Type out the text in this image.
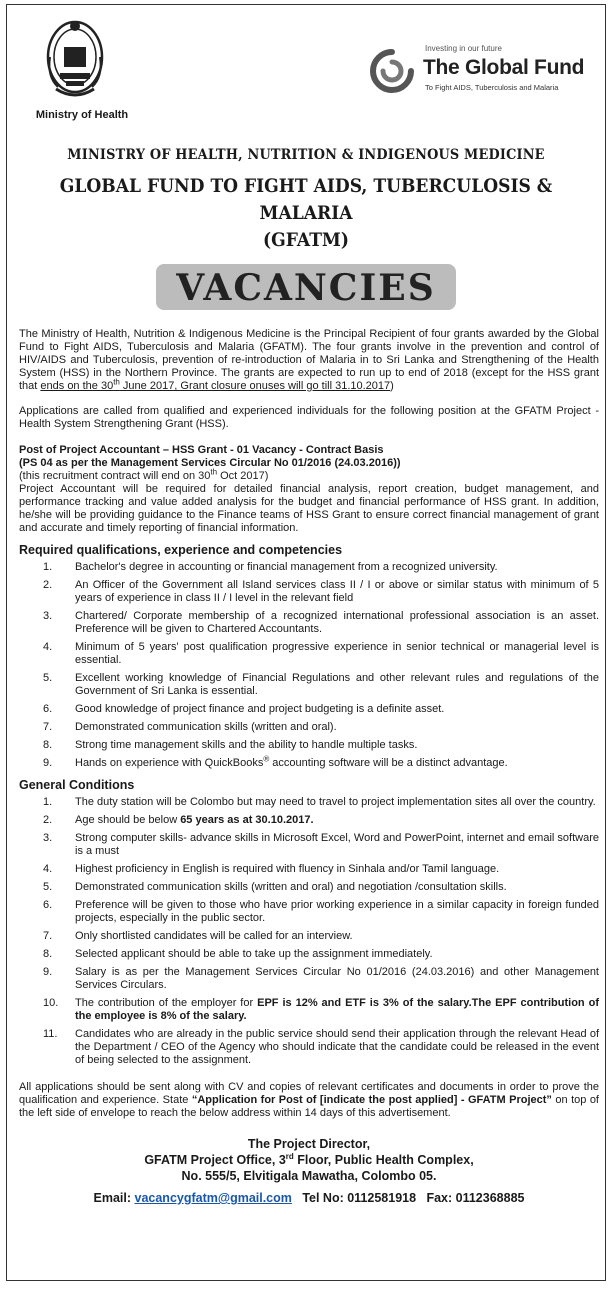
Ministry of Health
Investing in our future
The Global Fund
To Fight AIDS, Tuberculosis and Malaria
MINISTRY OF HEALTH, NUTRITION & INDIGENOUS MEDICINE
GLOBAL FUND TO FIGHT AIDS, TUBERCULOSIS & MALARIA
(GFATM)
VACANCIES

The Ministry of Health, Nutrition & Indigenous Medicine is the Principal Recipient of four grants awarded by the Global Fund to Fight AIDS, Tuberculosis and Malaria (GFATM). The four grants involve in the prevention and control of HIV/AIDS and Tuberculosis, prevention of re-introduction of Malaria in to Sri Lanka and Strengthening of the Health System (HSS) in the Northern Province. The grants are expected to run up to end of 2018 (except for the HSS grant that ends on the 30th June 2017, Grant closure onuses will go till 31.10.2017)

Applications are called from qualified and experienced individuals for the following position at the GFATM Project - Health System Strengthening Grant (HSS).

Post of Project Accountant – HSS Grant - 01 Vacancy - Contract Basis
(PS 04 as per the Management Services Circular No 01/2016 (24.03.2016))
(this recruitment contract will end on 30th Oct 2017)

Project Accountant will be required for detailed financial analysis, report creation, budget management, and performance tracking and value added analysis for the budget and financial performance of HSS grant. In addition, he/she will be providing guidance to the Finance teams of HSS Grant to ensure correct financial management of grant and accurate and timely reporting of financial information.

Required qualifications, experience and competencies
1.	Bachelor's degree in accounting or financial management from a recognized university.
2.	An Officer of the Government all Island services class II / I or above or similar status with minimum of 5 years of experience in class II / I level in the relevant field
3.	Chartered/ Corporate membership of a recognized international professional association is an asset. Preference will be given to Chartered Accountants.
4.	Minimum of 5 years' post qualification progressive experience in senior technical or managerial level is essential.
5.	Excellent working knowledge of Financial Regulations and other relevant rules and regulations of the Government of Sri Lanka is essential.
6.	Good knowledge of project finance and project budgeting is a definite asset.
7.	Demonstrated communication skills (written and oral).
8.	Strong time management skills and the ability to handle multiple tasks.
9.	Hands on experience with QuickBooks® accounting software will be a distinct advantage.
General Conditions
1.	The duty station will be Colombo but may need to travel to project implementation sites all over the country.
2.	Age should be below 65 years as at 30.10.2017.
3.	Strong computer skills- advance skills in Microsoft Excel, Word and PowerPoint, internet and email software is a must
4.	Highest proficiency in English is required with fluency in Sinhala and/or Tamil language.
5.	Demonstrated communication skills (written and oral) and negotiation /consultation skills.
6.	Preference will be given to those who have prior working experience in a similar capacity in foreign funded projects, especially in the public sector.
7.	Only shortlisted candidates will be called for an interview.
8.	Selected applicant should be able to take up the assignment immediately.
9.	Salary is as per the Management Services Circular No 01/2016 (24.03.2016) and other Management Services Circulars.
10.	The contribution of the employer for EPF is 12% and ETF is 3% of the salary.The EPF contribution of the employee is 8% of the salary.
11.	Candidates who are already in the public service should send their application through the relevant Head of the Department / CEO of the Agency who should indicate that the candidate could be released in the event of being selected to the assignment.

All applications should be sent along with CV and copies of relevant certificates and documents in order to prove the qualification and experience. State “Application for Post of [indicate the post applied] - GFATM Project” on top of the left side of envelope to reach the below address within 14 days of this advertisement.

The Project Director,
GFATM Project Office, 3rd Floor, Public Health Complex,
No. 555/5, Elvitigala Mawatha, Colombo 05.
Email: vacancygfatm@gmail.com Tel No: 0112581918 Fax: 0112368885
